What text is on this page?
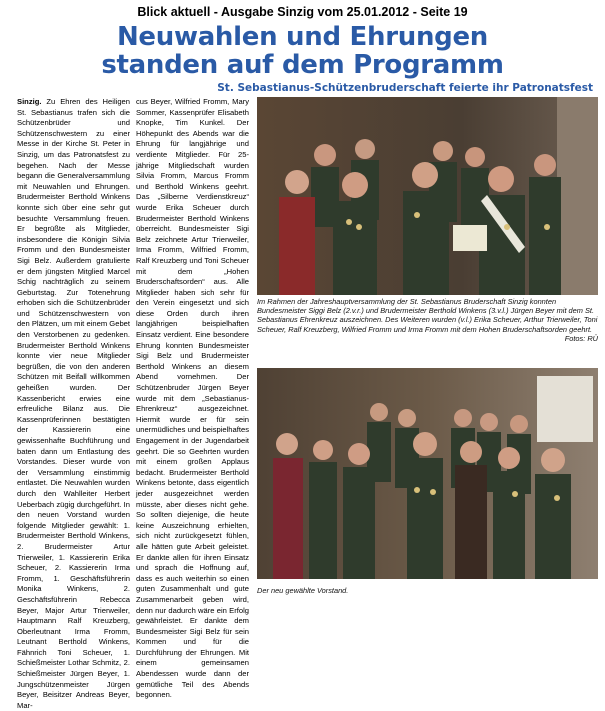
Blick aktuell - Ausgabe Sinzig vom 25.01.2012 - Seite 19
Neuwahlen und Ehrungen
standen auf dem Programm
St. Sebastianus-Schützenbruderschaft feierte ihr Patronatsfest
Sinzig. Zu Ehren des Heiligen St. Sebastianus trafen sich die Schützenbrüder und Schützenschwestern zu einer Messe in der Kirche St. Peter in Sinzig, um das Patronatsfest zu begehen. Nach der Messe begann die Generalversammlung mit Neuwahlen und Ehrungen. Brudermeister Berthold Winkens konnte sich über eine sehr gut besuchte Versammlung freuen. Er begrüßte als Mitglieder, insbesondere die Königin Silvia Fromm und den Bundesmeister Sigi Belz. Außerdem gratulierte er dem jüngsten Mitglied Marcel Schig nachträglich zu seinem Geburtstag. Zur Totenehrung erhoben sich die Schützenbrüder und Schützenschwestern von den Plätzen, um mit einem Gebet den Verstorbenen zu gedenken. Brudermeister Berthold Winkens konnte vier neue Mitglieder begrüßen, die von den anderen Schützen mit Beifall willkommen geheißen wurden. Der Kassenbericht erwies eine erfreuliche Bilanz aus. Die Kassenprüferinnen bestätigten der Kassiererin eine gewissenhafte Buchführung und baten dann um Entlastung des Vorstandes. Dieser wurde von der Versammlung einstimmig entlastet. Die Neuwahlen wurden durch den Wahlleiter Herbert Ueberbach zügig durchgeführt. In den neuen Vorstand wurden folgende Mitglieder gewählt: 1. Brudermeister Berthold Winkens, 2. Brudermeister Artur Trierweiler, 1. Kassiererin Erika Scheuer, 2. Kassiererin Irma Fromm, 1. Geschäftsführerin Monika Winkens, 2. Geschäftsführerin Rebecca Beyer, Major Artur Trierweiler, Hauptmann Ralf Kreuzberg, Oberleutnant Irma Fromm, Leutnant Berthold Winkens, Fähnrich Toni Scheuer, 1. Schießmeister Lothar Schmitz, 2. Schießmeister Jürgen Beyer, 1. Jungschützenmeister Jürgen Beyer, Beisitzer Andreas Beyer, Mar-
cus Beyer, Wilfried Fromm, Mary Sommer, Kassenprüfer Elisabeth Knopke, Tim Kunkel. Der Höhepunkt des Abends war die Ehrung für langjährige und verdiente Mitglieder. Für 25-jährige Mitgliedschaft wurden Silvia Fromm, Marcus Fromm und Berthold Winkens geehrt. Das „Silberne Verdienstkreuz“ wurde Erika Scheuer durch Brudermeister Berthold Winkens überreicht. Bundesmeister Sigi Belz zeichnete Artur Trierweiler, Irma Fromm, Wilfried Fromm, Ralf Kreuzberg und Toni Scheuer mit dem „Hohen Bruderschaftsorden“ aus. Alle Mitglieder haben sich sehr für den Verein eingesetzt und sich diese Orden durch ihren langjährigen beispielhaften Einsatz verdient. Eine besondere Ehrung konnten Bundesmeister Sigi Belz und Brudermeister Berthold Winkens an diesem Abend vornehmen. Der Schützenbruder Jürgen Beyer wurde mit dem „Sebastianus-Ehrenkreuz“ ausgezeichnet. Hiermit wurde er für sein unermüdliches und beispielhaftes Engagement in der Jugendarbeit geehrt. Die so Geehrten wurden mit einem großen Applaus bedacht. Brudermeister Berthold Winkens betonte, dass eigentlich jeder ausgezeichnet werden müsste, aber dieses nicht gehe. So sollten diejenige, die heute keine Auszeichnung erhielten, sich nicht zurückgesetzt fühlen, alle hätten gute Arbeit geleistet. Er dankte allen für ihren Einsatz und sprach die Hoffnung auf, dass es auch weiterhin so einen guten Zusammenhalt und gute Zusammenarbeit geben wird, denn nur dadurch wäre ein Erfolg gewährleistet. Er dankte dem Bundesmeister Sigi Belz für sein Kommen und für die Durchführung der Ehrungen. Mit einem gemeinsamen Abendessen wurde dann der gemütliche Teil des Abends begonnen.
Im Rahmen der Jahreshauptversammlung der St. Sebastianus Bruderschaft Sinzig konnten Bundesmeister Siggi Belz (2.v.r.) und Brudermeister Berthold Winkens (3.v.l.) Jürgen Beyer mit dem St. Sebastianus Ehrenkreuz auszeichnen. Des Weiteren wurden (v.l.) Erika Scheuer, Arthur Trierweiler, Toni Scheuer, Ralf Kreuzberg, Wilfried Fromm und Irma Fromm mit dem Hohen Bruderschaftsorden geehrt.
Fotos: RÜ
Der neu gewählte Vorstand.
